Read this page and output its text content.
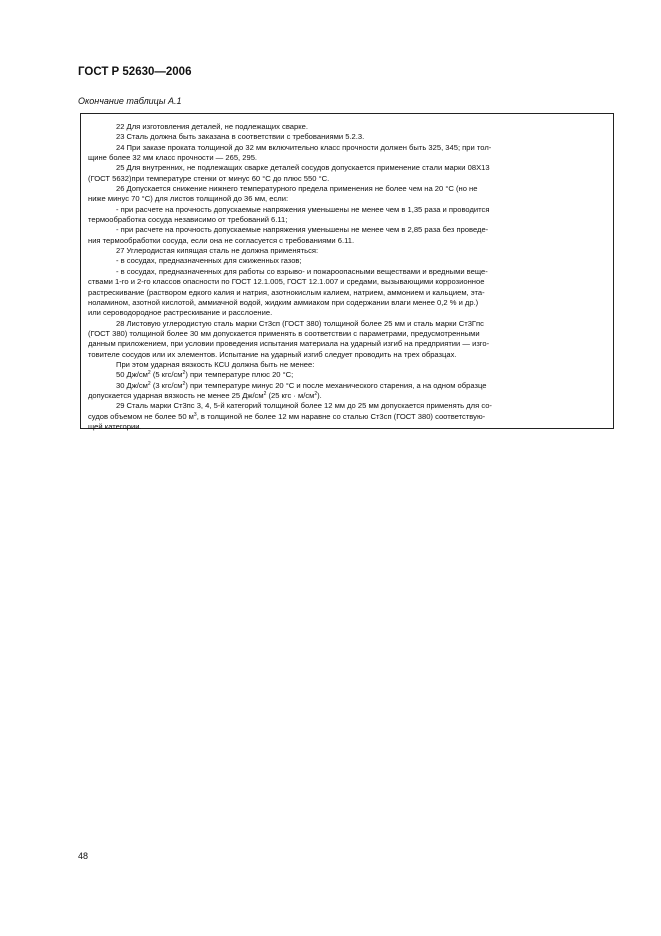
ГОСТ Р 52630—2006
Окончание таблицы А.1

22 Для изготовления деталей, не подлежащих сварке.

23 Сталь должна быть заказана в соответствии с требованиями 5.2.3.

24 При заказе проката толщиной до 32 мм включительно класс прочности должен быть 325, 345; при тол-

щине более 32 мм класс прочности — 265, 295.

25 Для внутренних, не подлежащих сварке деталей сосудов допускается применение стали марки 08Х13

(ГОСТ 5632)при температуре стенки от минус 60 °С до плюс 550 °С.

26 Допускается снижение нижнего температурного предела применения не более чем на 20 °С (но не

ниже минус 70 °С) для листов толщиной до 36 мм, если:

- при расчете на прочность допускаемые напряжения уменьшены не менее чем в 1,35 раза и проводится

термообработка сосуда независимо от требований 6.11;

- при расчете на прочность допускаемые напряжения уменьшены не менее чем в 2,85 раза без проведе-

ния термообработки сосуда, если она не согласуется с требованиями 6.11.

27 Углеродистая кипящая сталь не должна применяться:

- в сосудах, предназначенных для сжиженных газов;

- в сосудах, предназначенных для работы со взрыво- и пожароопасными веществами и вредными веще-

ствами 1-го и 2-го классов опасности по ГОСТ 12.1.005, ГОСТ 12.1.007 и средами, вызывающими коррозионное

растрескивание (раствором едкого калия и натрия, азотнокислым калием, натрием, аммонием и кальцием, эта-

ноламином, азотной кислотой, аммиачной водой, жидким аммиаком при содержании влаги менее 0,2 % и др.)

или сероводородное растрескивание и расслоение.

28 Листовую углеродистую сталь марки Ст3сп (ГОСТ 380) толщиной более 25 мм и сталь марки Ст3Гпс

(ГОСТ 380) толщиной более 30 мм допускается применять в соответствии с параметрами, предусмотренными

данным приложением, при условии проведения испытания материала на ударный изгиб на предприятии — изго-

товителе сосудов или их элементов. Испытание на ударный изгиб следует проводить на трех образцах.

При этом ударная вязкость КCU должна быть не менее:

50 $Дж/см^2$ (5 кгс/$см^2$) при температуре плюс 20 °С;

30 $Дж/см^2$ (3 кгс/$см^2$) при температуре минус 20 °С и после механического старения, а на одном образце

допускается ударная вязкость не менее 25 $Дж/см^2$ (25 кгс · $м/см^2$).

29 Сталь марки Ст3пс 3, 4, 5-й категорий толщиной более 12 мм до 25 мм допускается применять для со-

судов объемом не более 50 $м^3$, в толщиной не более 12 мм наравне со сталью Ст3сп (ГОСТ 380) соответствую-

щей категории.

48
